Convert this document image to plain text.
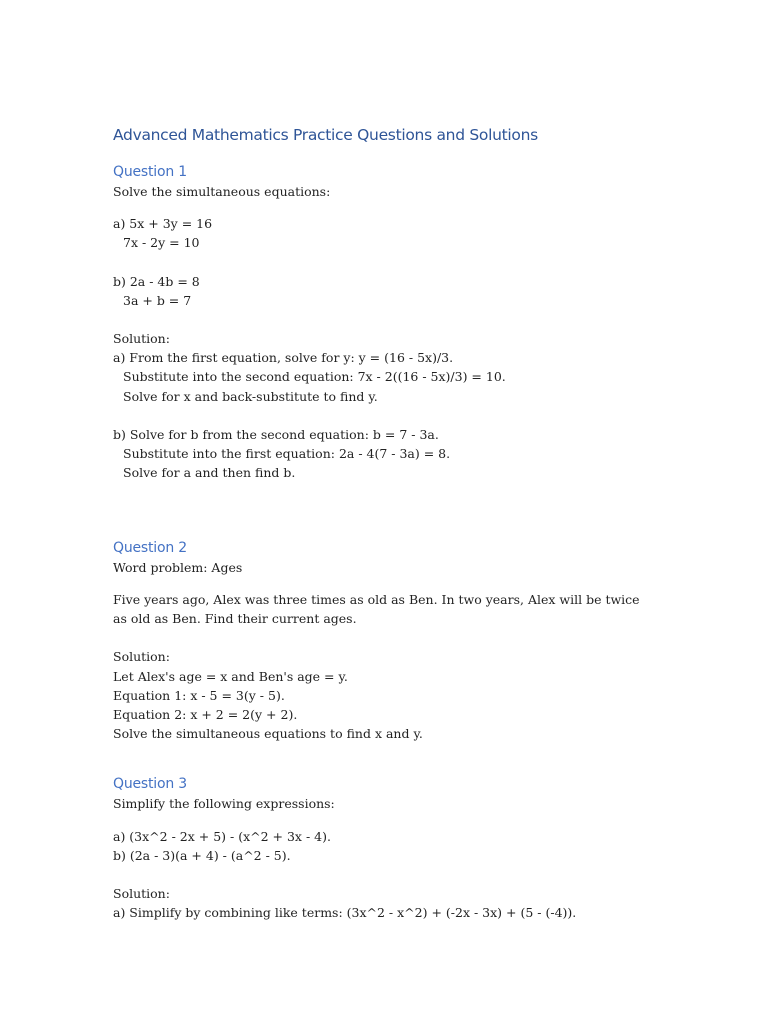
Advanced Mathematics Practice Questions and Solutions
Question 1
Solve the simultaneous equations:
a) 5x + 3y = 16
7x - 2y = 10
b) 2a - 4b = 8
3a + b = 7
Solution:
a) From the first equation, solve for y: y = (16 - 5x)/3.
Substitute into the second equation: 7x - 2((16 - 5x)/3) = 10.
Solve for x and back-substitute to find y.
b) Solve for b from the second equation: b = 7 - 3a.
Substitute into the first equation: 2a - 4(7 - 3a) = 8.
Solve for a and then find b.
Question 2
Word problem: Ages
Five years ago, Alex was three times as old as Ben. In two years, Alex will be twice as old as Ben. Find their current ages.
Solution:
Let Alex's age = x and Ben's age = y.
Equation 1: x - 5 = 3(y - 5).
Equation 2: x + 2 = 2(y + 2).
Solve the simultaneous equations to find x and y.
Question 3
Simplify the following expressions:
a) (3x^2 - 2x + 5) - (x^2 + 3x - 4).
b) (2a - 3)(a + 4) - (a^2 - 5).
Solution:
a) Simplify by combining like terms: (3x^2 - x^2) + (-2x - 3x) + (5 - (-4)).
